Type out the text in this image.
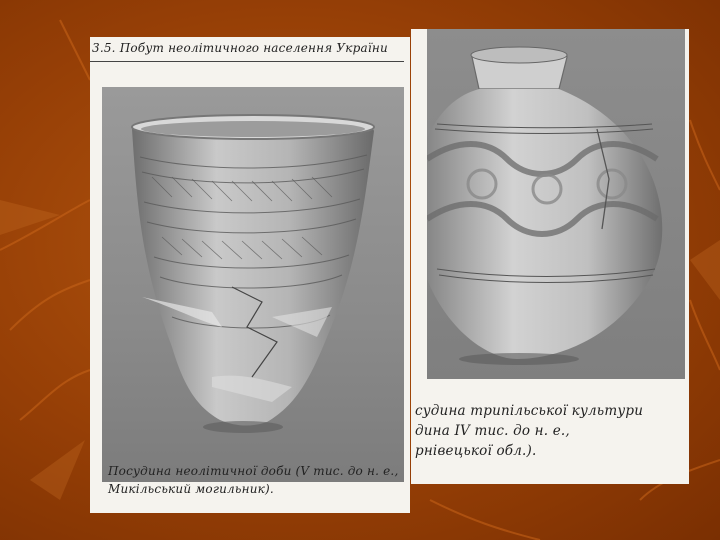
3.5. Побут неолітичного населення України
Посудина неолітичної доби (V тис. до н. е.,
Микільський могильник).
судина трипільської культури
дина IV тис. до н. е.,
рнівецької обл.).
